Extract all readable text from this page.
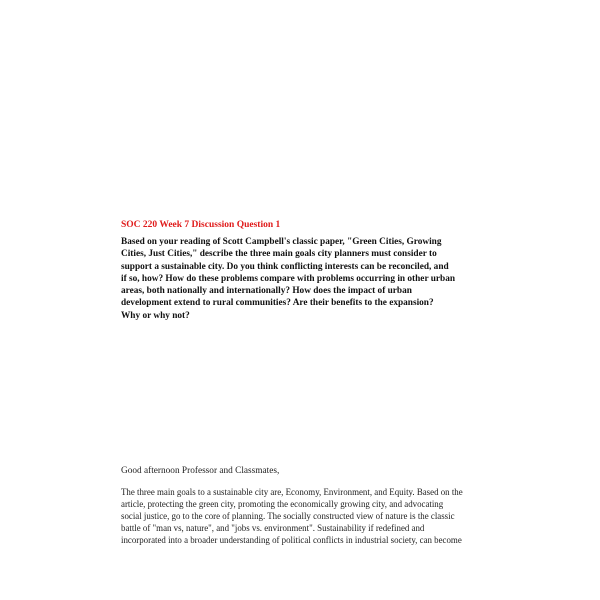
SOC 220 Week 7 Discussion Question 1
Based on your reading of Scott Campbell's classic paper, "Green Cities, Growing
Cities, Just Cities," describe the three main goals city planners must consider to
support a sustainable city. Do you think conflicting interests can be reconciled, and
if so, how? How do these problems compare with problems occurring in other urban
areas, both nationally and internationally? How does the impact of urban
development extend to rural communities? Are their benefits to the expansion?
Why or why not?
Good afternoon Professor and Classmates,
The three main goals to a sustainable city are, Economy, Environment, and Equity. Based on the
article, protecting the green city, promoting the economically growing city, and advocating
social justice, go to the core of planning. The socially constructed view of nature is the classic
battle of "man vs, nature", and "jobs vs. environment". Sustainability if redefined and
incorporated into a broader understanding of political conflicts in industrial society, can become
